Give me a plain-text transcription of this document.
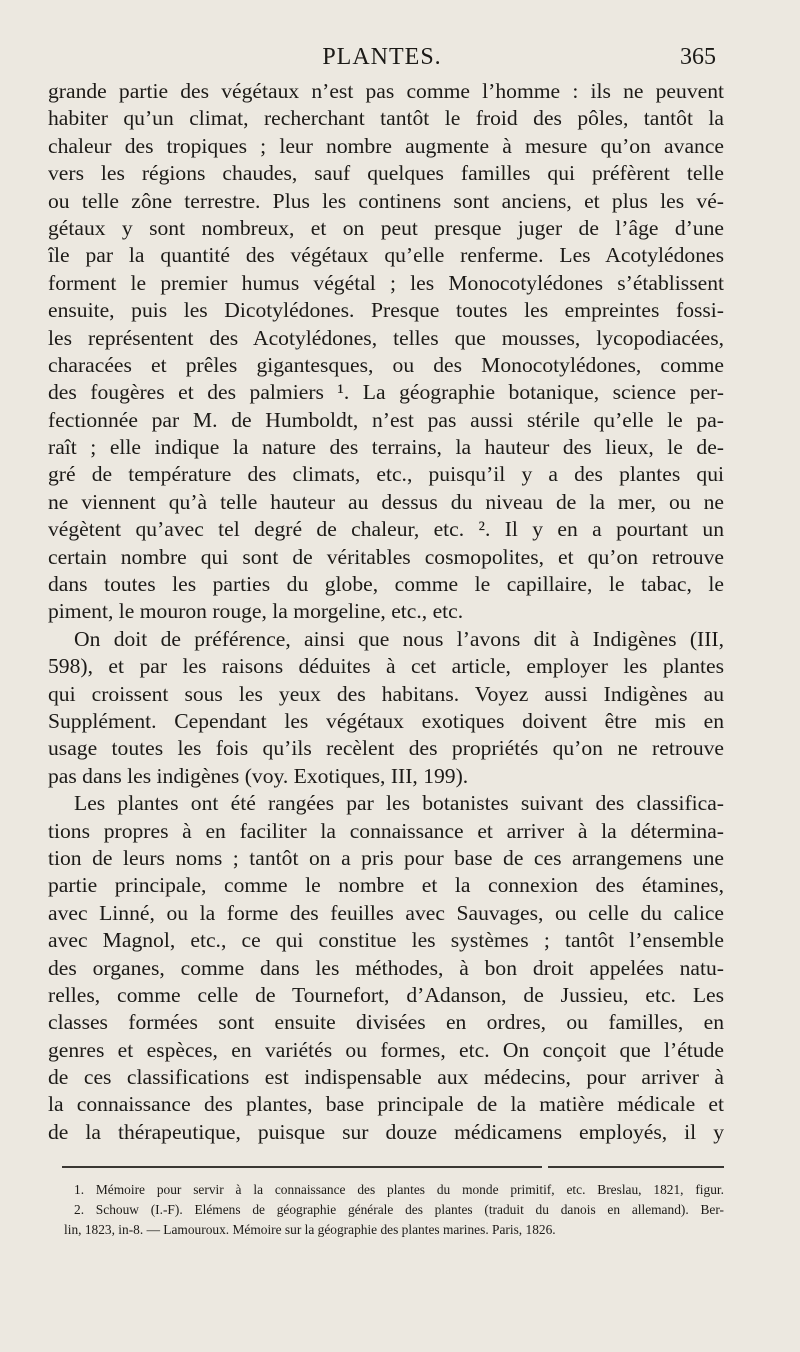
PLANTES.	365
grande partie des végétaux n’est pas comme l’homme : ils ne peuvent
habiter qu’un climat, recherchant tantôt le froid des pôles, tantôt la
chaleur des tropiques ; leur nombre augmente à mesure qu’on avance
vers les régions chaudes, sauf quelques familles qui préfèrent telle
ou telle zône terrestre. Plus les continens sont anciens, et plus les vé-
gétaux y sont nombreux, et on peut presque juger de l’âge d’une
île par la quantité des végétaux qu’elle renferme. Les Acotylédones
forment le premier humus végétal ; les Monocotylédones s’établissent
ensuite, puis les Dicotylédones. Presque toutes les empreintes fossi-
les représentent des Acotylédones, telles que mousses, lycopodiacées,
characées et prêles gigantesques, ou des Monocotylédones, comme
des fougères et des palmiers ¹. La géographie botanique, science per-
fectionnée par M. de Humboldt, n’est pas aussi stérile qu’elle le pa-
raît ; elle indique la nature des terrains, la hauteur des lieux, le de-
gré de température des climats, etc., puisqu’il y a des plantes qui
ne viennent qu’à telle hauteur au dessus du niveau de la mer, ou ne
végètent qu’avec tel degré de chaleur, etc. ². Il y en a pourtant un
certain nombre qui sont de véritables cosmopolites, et qu’on retrouve
dans toutes les parties du globe, comme le capillaire, le tabac, le
piment, le mouron rouge, la morgeline, etc., etc.
On doit de préférence, ainsi que nous l’avons dit à Indigènes (III,
598), et par les raisons déduites à cet article, employer les plantes
qui croissent sous les yeux des habitans. Voyez aussi Indigènes au
Supplément. Cependant les végétaux exotiques doivent être mis en
usage toutes les fois qu’ils recèlent des propriétés qu’on ne retrouve
pas dans les indigènes (voy. Exotiques, III, 199).
Les plantes ont été rangées par les botanistes suivant des classifica-
tions propres à en faciliter la connaissance et arriver à la détermina-
tion de leurs noms ; tantôt on a pris pour base de ces arrangemens une
partie principale, comme le nombre et la connexion des étamines,
avec Linné, ou la forme des feuilles avec Sauvages, ou celle du calice
avec Magnol, etc., ce qui constitue les systèmes ; tantôt l’ensemble
des organes, comme dans les méthodes, à bon droit appelées natu-
relles, comme celle de Tournefort, d’Adanson, de Jussieu, etc. Les
classes formées sont ensuite divisées en ordres, ou familles, en
genres et espèces, en variétés ou formes, etc. On conçoit que l’étude
de ces classifications est indispensable aux médecins, pour arriver à
la connaissance des plantes, base principale de la matière médicale et
de la thérapeutique, puisque sur douze médicamens employés, il y
1. Mémoire pour servir à la connaissance des plantes du monde primitif, etc. Breslau, 1821, figur.
2. Schouw (I.-F). Elémens de géographie générale des plantes (traduit du danois en allemand). Ber-
lin, 1823, in-8. — Lamouroux. Mémoire sur la géographie des plantes marines. Paris, 1826.
